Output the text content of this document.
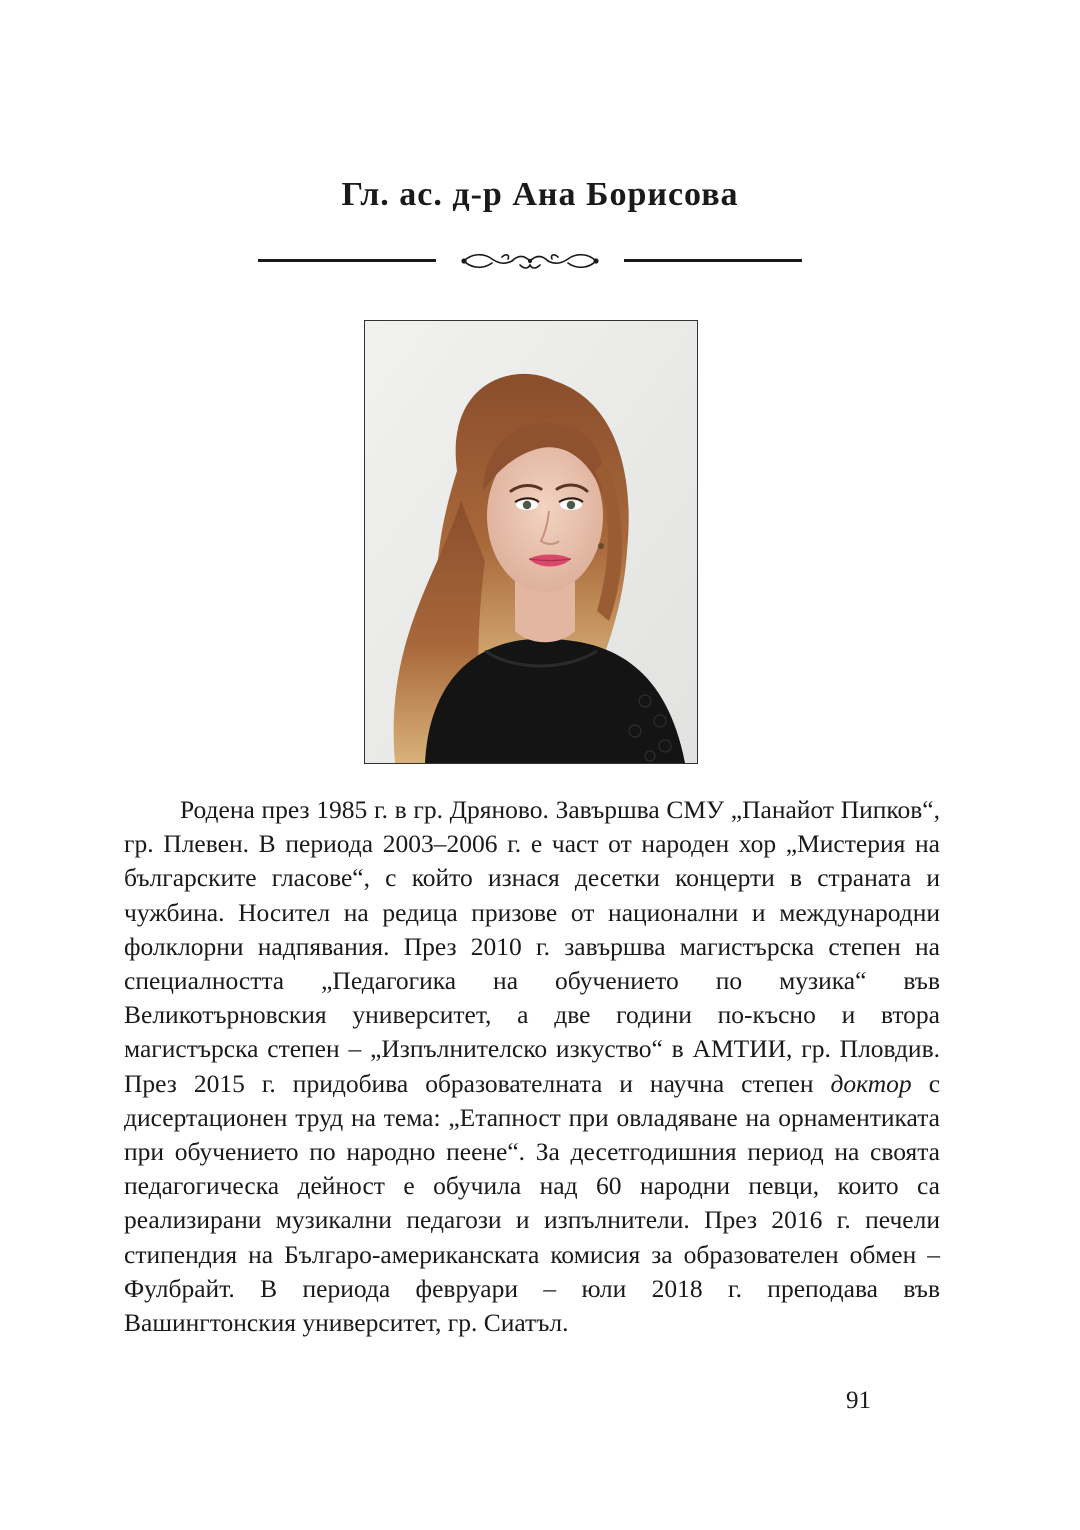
Гл. ас. д-р Ана Борисова

Родена през 1985 г. в гр. Дряново. Завършва СМУ „Панайот Пипков“, гр. Плевен. В периода 2003–2006 г. е част от народен хор „Мистерия на българските гласове“, с който изнася десетки концерти в страната и чужбина. Носител на редица призове от национални и международни фолклорни надпявания. През 2010 г. завършва магистърска степен на специалността „Педагогика на обучението по музика“ във Великотърновския университет, а две години по-късно и втора магистърска степен – „Изпълнителско изкуство“ в АМТИИ, гр. Пловдив. През 2015 г. придобива образователната и научна степен доктор с дисертационен труд на тема: „Етапност при овладяване на орнаментиката при обучението по народно пеене“. За десетгодишния период на своята педагогическа дейност е обучила над 60 народни певци, които са реализирани музикални педагози и изпълнители. През 2016 г. печели стипендия на Българо-американската комисия за образователен обмен – Фулбрайт. В периода февруари – юли 2018 г. преподава във Вашингтонския университет, гр. Сиатъл.

91
